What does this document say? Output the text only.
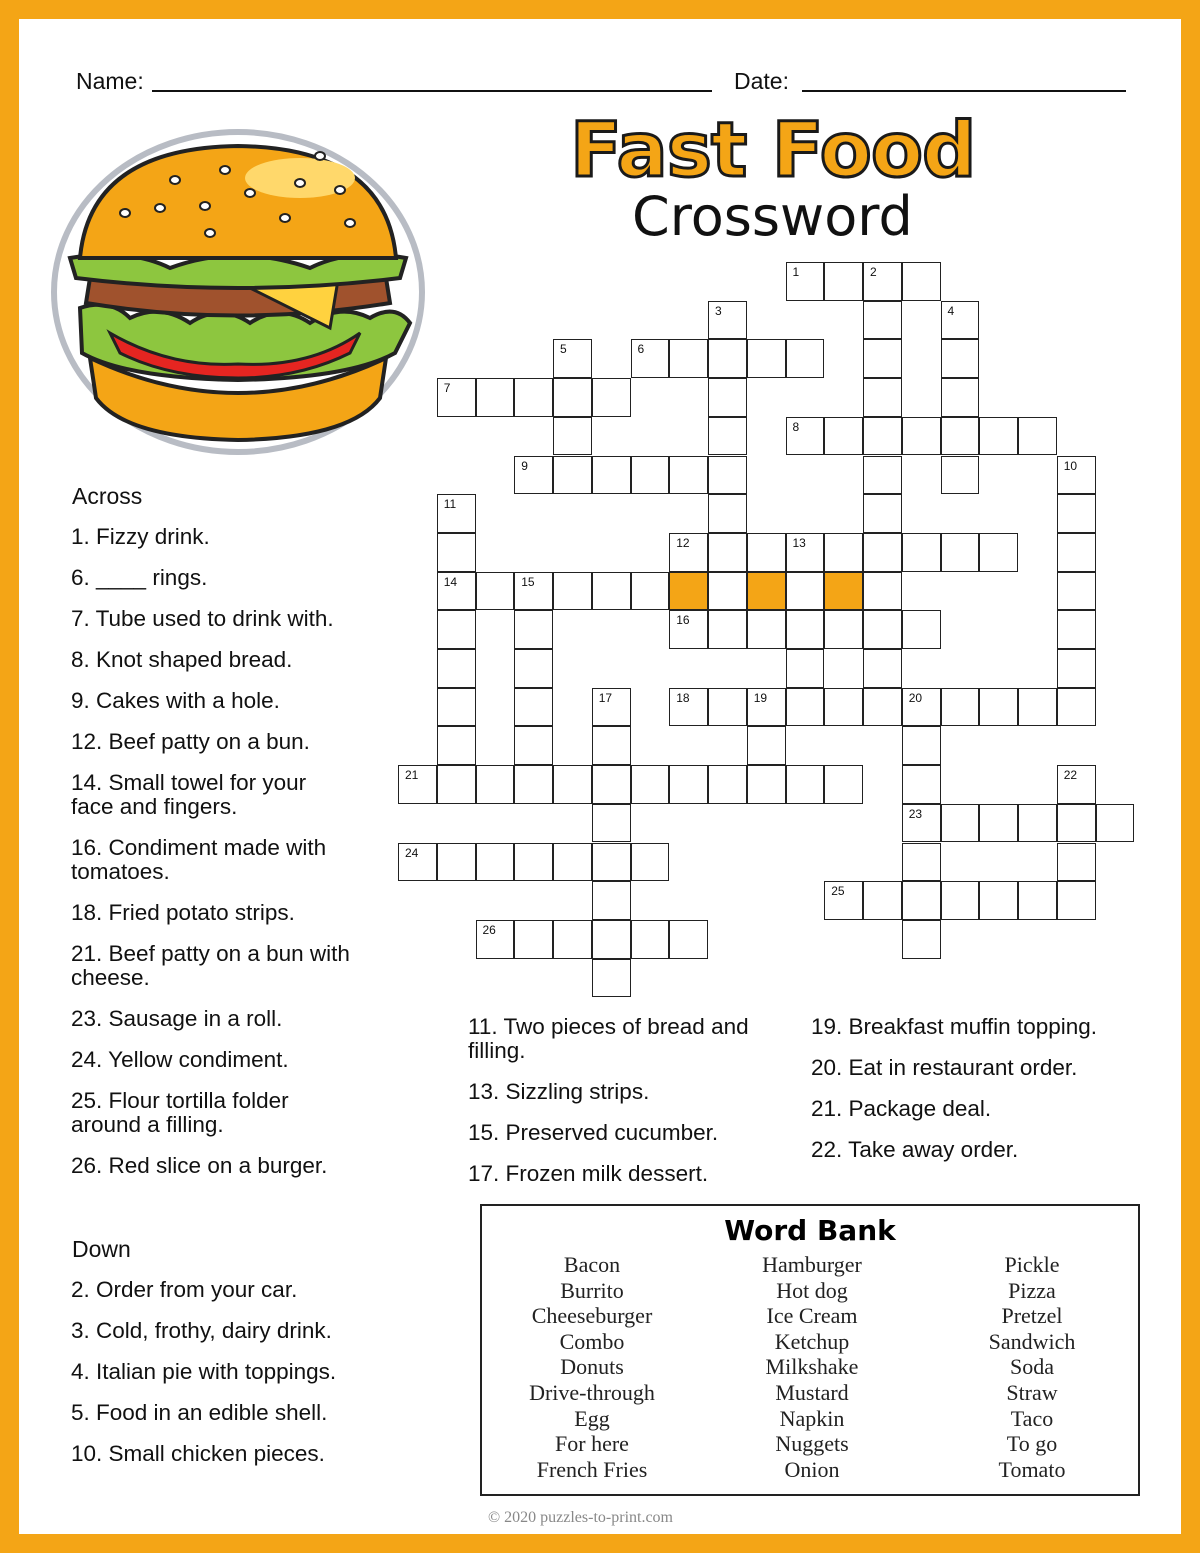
Name:	Date:
Fast Food
Crossword
1	2
3	4
5	6
7
8
9	10
11
14
12	13
15
16
17	18	19	20
23
21	22
24
25
26
Across
1. Fizzy drink.
6. ____ rings.
7. Tube used to drink with.
8. Knot shaped bread.
9. Cakes with a hole.
12. Beef patty on a bun.
14. Small towel for your face and fingers.
16. Condiment made with tomatoes.
18. Fried potato strips.
21. Beef patty on a bun with cheese.
23. Sausage in a roll.
24. Yellow condiment.
25. Flour tortilla folder around a filling.
26. Red slice on a burger.
Down
2. Order from your car.
3. Cold, frothy, dairy drink.
4. Italian pie with toppings.
5. Food in an edible shell.
10. Small chicken pieces.
11. Two pieces of bread and filling.
13. Sizzling strips.
15. Preserved cucumber.
17. Frozen milk dessert.
19. Breakfast muffin topping.
20. Eat in restaurant order.
21. Package deal.
22. Take away order.
Word Bank
Bacon
Burrito
Cheeseburger
Combo
Donuts
Drive-through
Egg
For here
French Fries
Hamburger
Hot dog
Ice Cream
Ketchup
Milkshake
Mustard
Napkin
Nuggets
Onion
Pickle
Pizza
Pretzel
Sandwich
Soda
Straw
Taco
To go
Tomato
© 2020 puzzles-to-print.com
